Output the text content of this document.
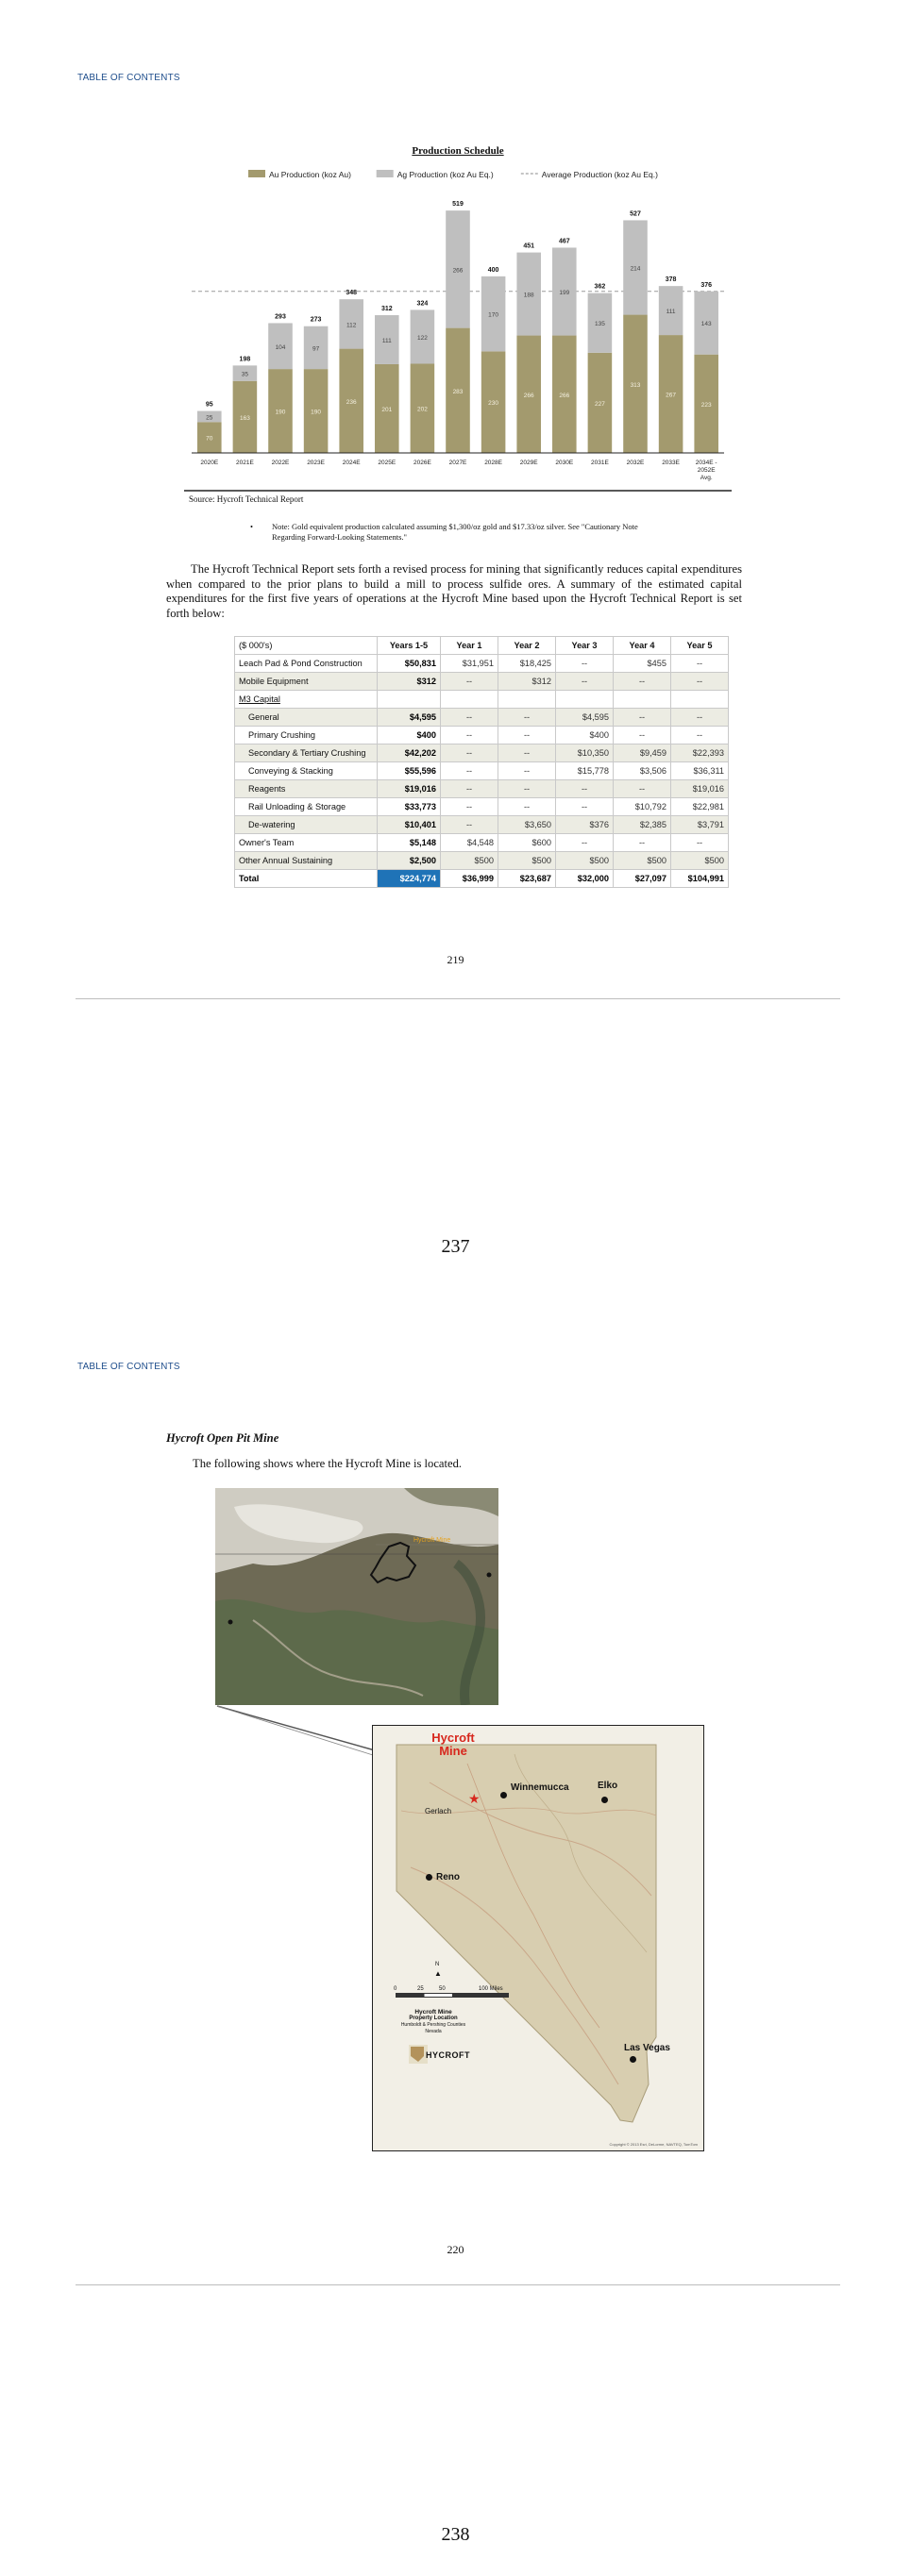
TABLE OF CONTENTS
Production Schedule
Au Production (koz Au)	Ag Production (koz Au Eq.)	Average Production (koz Au Eq.)
70
25
95
2020E
163
35
198
2021E
190
104
293
2022E
190
97
273
2023E
236
112
348
2024E
201
111
312
2025E
202
122
324
2026E
283
266
519
2027E
230
170
400
2028E
266
188
451
2029E
266
199
467
2030E
227
135
362
2031E
313
214
527
2032E
267
111
378
2033E
223
143
376
2034E -
2052E
Avg.
Source: Hycroft Technical Report
• Note: Gold equivalent production calculated assuming $1,300/oz gold and $17.33/oz silver. See "Cautionary Note
Regarding Forward-Looking Statements."
The Hycroft Technical Report sets forth a revised process for mining that significantly reduces capital expenditures when compared to the prior plans to build a mill to process sulfide ores. A summary of the estimated capital expenditures for the first five years of operations at the Hycroft Mine based upon the Hycroft Technical Report is set forth below:
($ 000's)	Years 1-5	Year 1	Year 2	Year 3	Year 4	Year 5
Leach Pad & Pond Construction	$50,831	$31,951	$18,425	--	$455	--
Mobile Equipment	$312	--	$312	--	--	--
M3 Capital						
General	$4,595	--	--	$4,595	--	--
Primary Crushing	$400	--	--	$400	--	--
Secondary & Tertiary Crushing	$42,202	--	--	$10,350	$9,459	$22,393
Conveying & Stacking	$55,596	--	--	$15,778	$3,506	$36,311
Reagents	$19,016	--	--	--	--	$19,016
Rail Unloading & Storage	$33,773	--	--	--	$10,792	$22,981
De-watering	$10,401	--	$3,650	$376	$2,385	$3,791
Owner's Team	$5,148	$4,548	$600	--	--	--
Other Annual Sustaining	$2,500	$500	$500	$500	$500	$500
Total	$224,774	$36,999	$23,687	$32,000	$27,097	$104,991
219
237
TABLE OF CONTENTS
Hycroft Open Pit Mine
The following shows where the Hycroft Mine is located.
Hycroft Mine
Hycroft
Mine
★
Winnemucca	Elko
Gerlach
Reno
Las Vegas
▲
N
0	25	50	100 Miles
Hycroft Mine
Property Location
Humboldt & Pershing Counties
Nevada
HYCROFT
Copyright © 2013 Esri, DeLorme, NAVTEQ, TomTom
220
238
